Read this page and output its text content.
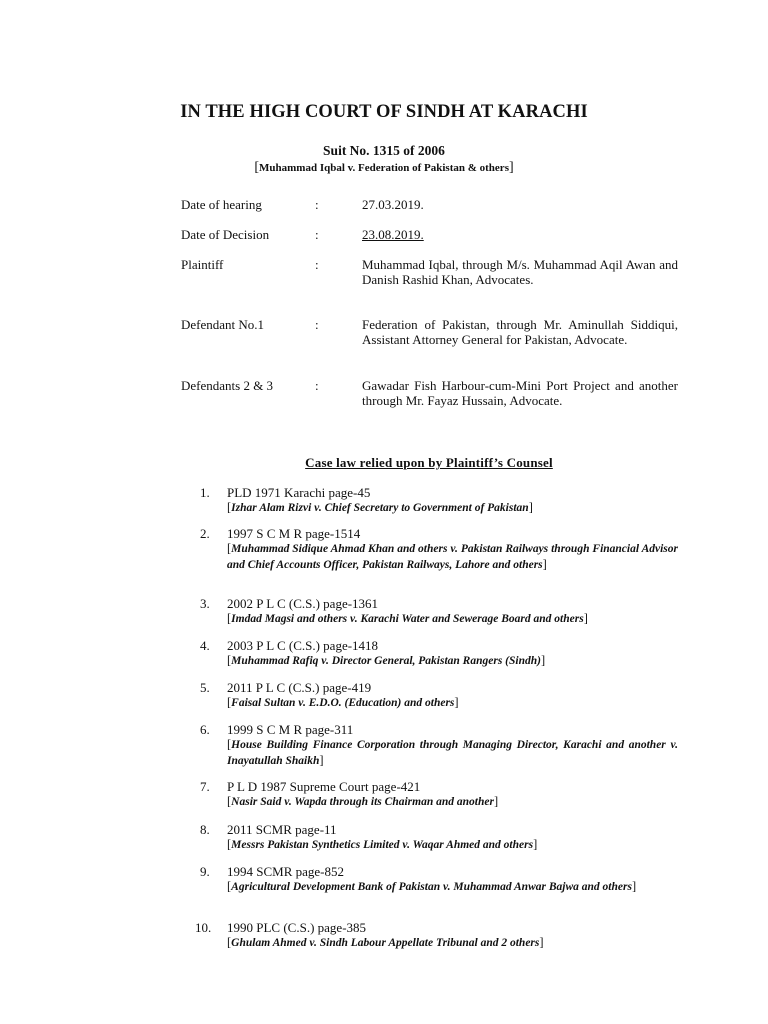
IN THE HIGH COURT OF SINDH AT KARACHI
Suit No. 1315 of 2006
[Muhammad Iqbal v. Federation of Pakistan & others]
Date of hearing	:	27.03.2019.
Date of Decision	:	23.08.2019.
Plaintiff	:	Muhammad Iqbal, through M/s. Muhammad Aqil Awan and Danish Rashid Khan, Advocates.
Defendant No.1	:	Federation of Pakistan, through Mr. Aminullah Siddiqui, Assistant Attorney General for Pakistan, Advocate.
Defendants 2 & 3	:	Gawadar Fish Harbour-cum-Mini Port Project and another through Mr. Fayaz Hussain, Advocate.
Case law relied upon by Plaintiff’s Counsel
1. PLD 1971 Karachi page-45
[Izhar Alam Rizvi v. Chief Secretary to Government of Pakistan]
2. 1997 S C M R page-1514
[Muhammad Sidique Ahmad Khan and others v. Pakistan Railways through Financial Advisor and Chief Accounts Officer, Pakistan Railways, Lahore and others]
3. 2002 P L C (C.S.) page-1361
[Imdad Magsi and others v. Karachi Water and Sewerage Board and others]
4. 2003 P L C (C.S.) page-1418
[Muhammad Rafiq v. Director General, Pakistan Rangers (Sindh)]
5. 2011 P L C (C.S.) page-419
[Faisal Sultan v. E.D.O. (Education) and others]
6. 1999 S C M R page-311
[House Building Finance Corporation through Managing Director, Karachi and another v. Inayatullah Shaikh]
7. P L D 1987 Supreme Court page-421
[Nasir Said v. Wapda through its Chairman and another]
8. 2011 SCMR page-11
[Messrs Pakistan Synthetics Limited v. Waqar Ahmed and others]
9. 1994 SCMR page-852
[Agricultural Development Bank of Pakistan v. Muhammad Anwar Bajwa and others]
10. 1990 PLC (C.S.) page-385
[Ghulam Ahmed v. Sindh Labour Appellate Tribunal and 2 others]
